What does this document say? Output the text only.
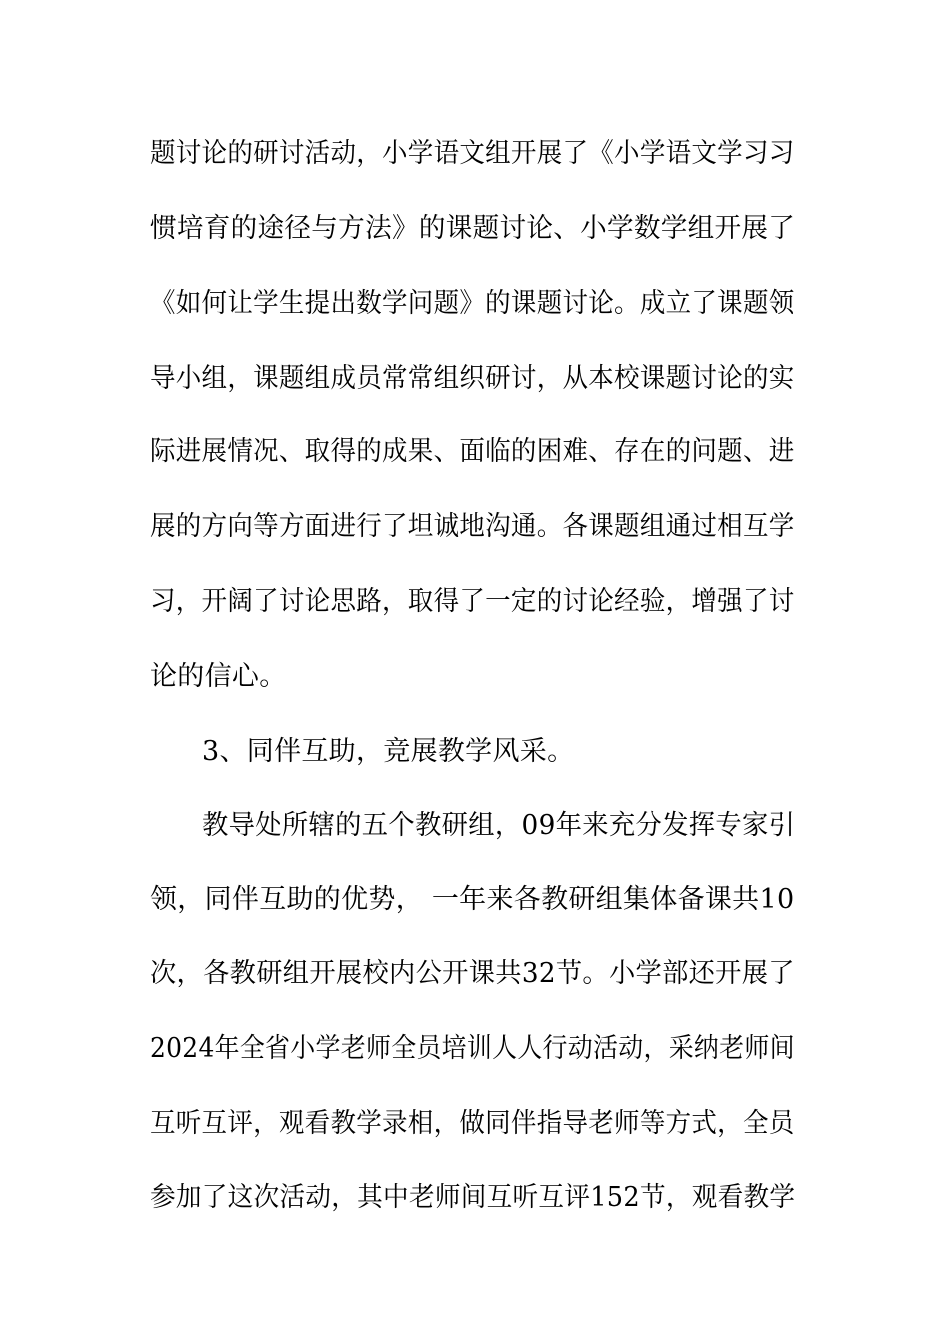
题讨论的研讨活动，小学语文组开展了《小学语文学习习
惯培育的途径与方法》的课题讨论、小学数学组开展了
《如何让学生提出数学问题》的课题讨论。成立了课题领
导小组，课题组成员常常组织研讨，从本校课题讨论的实
际进展情况、取得的成果、面临的困难、存在的问题、进
展的方向等方面进行了坦诚地沟通。各课题组通过相互学
习，开阔了讨论思路，取得了一定的讨论经验，增强了讨
论的信心。
3、同伴互助，竞展教学风采。
教导处所辖的五个教研组，09年来充分发挥专家引
领，同伴互助的优势， 一年来各教研组集体备课共10
次，各教研组开展校内公开课共32节。小学部还开展了
2024年全省小学老师全员培训人人行动活动，采纳老师间
互听互评，观看教学录相，做同伴指导老师等方式，全员
参加了这次活动，其中老师间互听互评152节，观看教学
